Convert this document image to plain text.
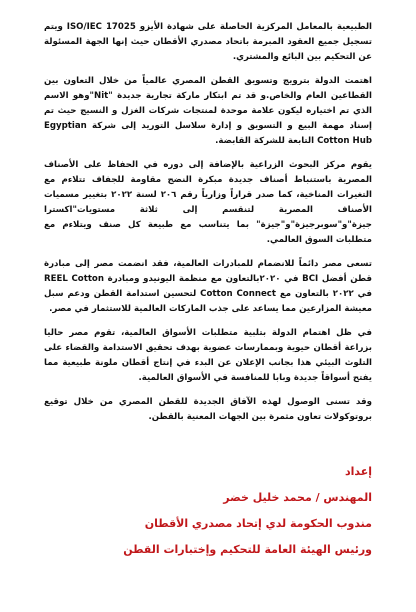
الطبيعية بالمعامل المركزية الحاصلة على شهادة الأيزو ISO/IEC 17025 ويتم تسجيل جميع العقود المبرمة باتحاد مصدري الأقطان حيث إنها الجهة المسئولة عن التحكيم بين البائع والمشتري.

اهتمت الدولة بترويج وتسويق القطن المصري عالمياً من خلال التعاون بين القطاعين العام والخاص.و قد تم ابتكار ماركة تجارية جديدة "Nit"وهو الاسم الذي تم اختياره ليكون علامة موحدة لمنتجات شركات الغزل و النسيج حيث تم إسناد مهمة البيع و التسويق و إدارة سلاسل التوريد إلى شركة Egyptian Cotton Hub التابعة للشركة القابضة.

يقوم مركز البحوث الزراعية بالإضافة إلى دوره في الحفاظ على الأصناف المصرية باستنباط أصناف جديدة مبكرة النضج مقاومة للجفاف تتلاءم مع التغيرات المناخية، كما صدر قراراً وزارياً رقم ٢٠٦ لسنة ٢٠٢٢ بتغيير مسميات الأصناف المصرية لتنقسم إلى ثلاثة مستويات"اكسترا جيزة"و"سوبرجيزة"و"جيزة" بما يتناسب مع طبيعة كل صنف ويتلاءم مع متطلبات السوق العالمي.

تسعى مصر دائماً للانضمام للمبادرات العالمية، فقد انضمت مصر إلى مبادرة قطن أفضل BCI في ٢٠٢٠بالتعاون مع منظمة اليونيدو ومبادرة REEL Cotton في ٢٠٢٢ بالتعاون مع Cotton Connect لتحسين استدامة القطن ودعم سبل معيشة المزارعين مما يساعد على جذب الماركات العالمية للاستثمار في مصر.

في ظل اهتمام الدولة بتلبية متطلبات الأسواق العالمية، تقوم مصر حاليا بزراعة أقطان حيوية وبممارسات عضوية بهدف تحقيق الاستدامة والقضاء على التلوث البيئي هذا بجانب الإعلان عن البدء في إنتاج أقطان ملونة طبيعية مما يفتح أسواقاً جديدة وبابا للمنافسة في الأسواق العالمية.

وقد تسنى الوصول لهذه الآفاق الجديدة للقطن المصري من خلال توقيع بروتوكولات تعاون مثمرة بين الجهات المعنية بالقطن.

إعداد
المهندس / محمد خليل خضر
مندوب الحكومة لدي إتحاد مصدري الأقطان
ورئيس الهيئة العامة للتحكيم وإختبارات القطن
